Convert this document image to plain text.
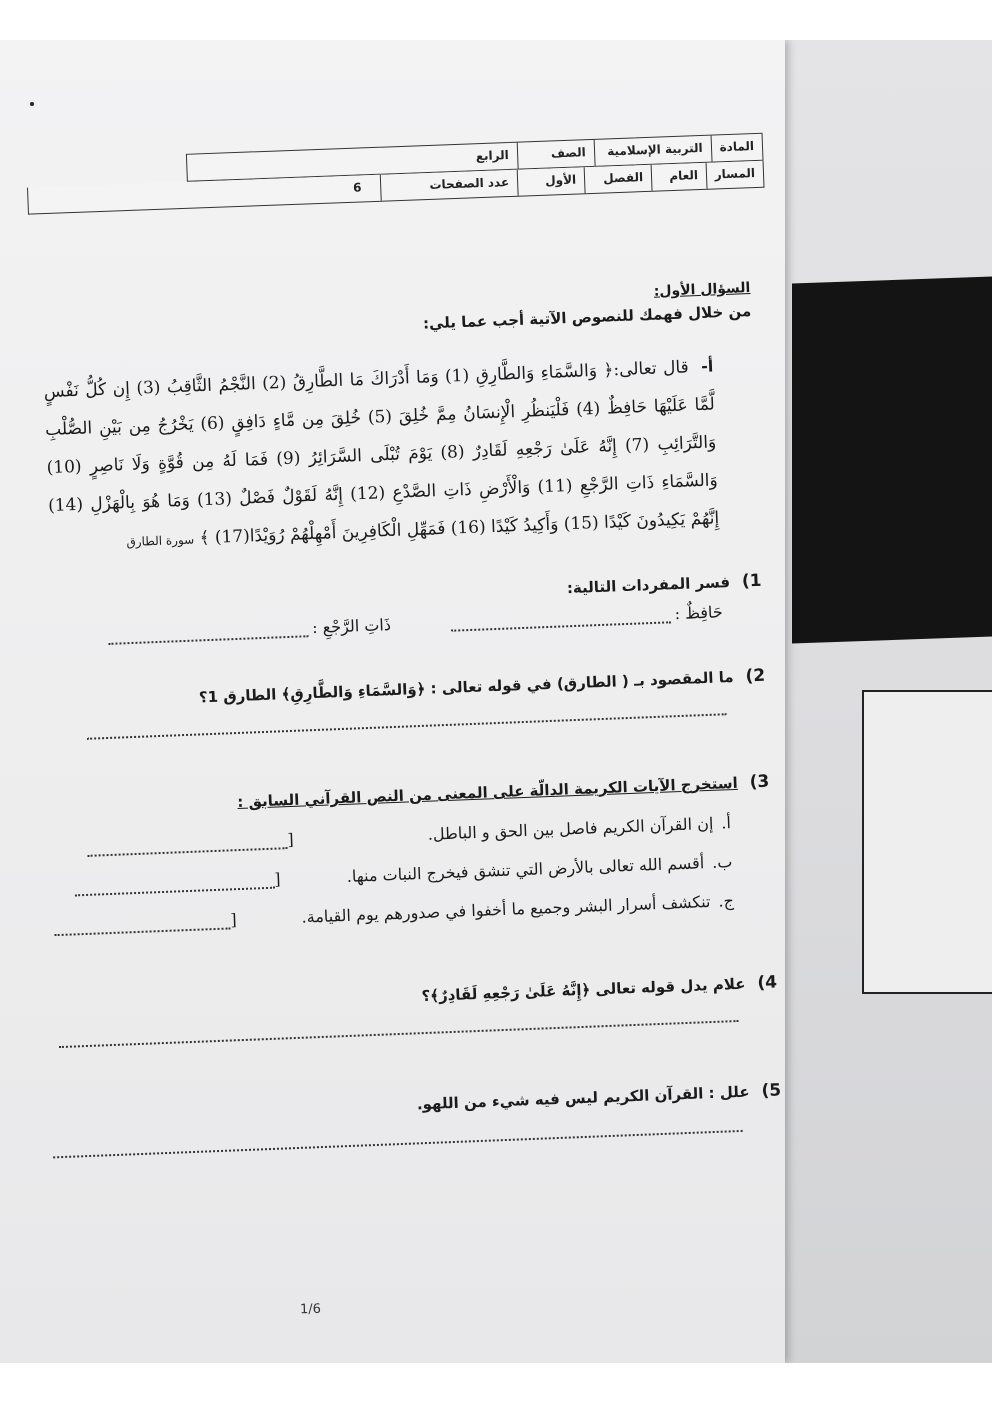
المادة
التربية الإسلامية
الصف
الرابع
المسار
العام
الفصل
الأول
عدد الصفحات
6
السؤال الأول:
من خلال فهمك للنصوص الآتية أجب عما يلي:
أ- قال تعالى:﴿ وَالسَّمَاءِ وَالطَّارِقِ (1) وَمَا أَدْرَاكَ مَا الطَّارِقُ (2) النَّجْمُ الثَّاقِبُ (3) إِن كُلُّ نَفْسٍ لَّمَّا عَلَيْهَا حَافِظٌ (4) فَلْيَنظُرِ الْإِنسَانُ مِمَّ خُلِقَ (5) خُلِقَ مِن مَّاءٍ دَافِقٍ (6) يَخْرُجُ مِن بَيْنِ الصُّلْبِ وَالتَّرَائِبِ (7) إِنَّهُ عَلَىٰ رَجْعِهِ لَقَادِرٌ (8) يَوْمَ تُبْلَى السَّرَائِرُ (9) فَمَا لَهُ مِن قُوَّةٍ وَلَا نَاصِرٍ (10) وَالسَّمَاءِ ذَاتِ الرَّجْعِ (11) وَالْأَرْضِ ذَاتِ الصَّدْعِ (12) إِنَّهُ لَقَوْلٌ فَصْلٌ (13) وَمَا هُوَ بِالْهَزْلِ (14) إِنَّهُمْ يَكِيدُونَ كَيْدًا (15) وَأَكِيدُ كَيْدًا (16) فَمَهِّلِ الْكَافِرِينَ أَمْهِلْهُمْ رُوَيْدًا(17) ﴾ سورة الطارق

1)فسر المفردات التالية:

حَافِظٌ :
ذَاتِ الرَّجْعِ :

2)ما المقصود بـ ( الطارق) في قوله تعالى : ﴿وَالسَّمَاءِ وَالطَّارِقِ﴾ الطارق 1؟

3)استخرج الآيات الكريمة الدالّة على المعنى من النص القرآني السابق :

أ.
إن القرآن الكريم فاصل بين الحق و الباطل.
[
ب.
أقسم الله تعالى بالأرض التي تنشق فيخرج النبات منها.
[
ج.
تنكشف أسرار البشر وجميع ما أخفوا في صدورهم يوم القيامة.
[

4)علام يدل قوله تعالى ﴿إِنَّهُ عَلَىٰ رَجْعِهِ لَقَادِرٌ﴾؟

5)علل : القرآن الكريم ليس فيه شيء من اللهو.

1/6
